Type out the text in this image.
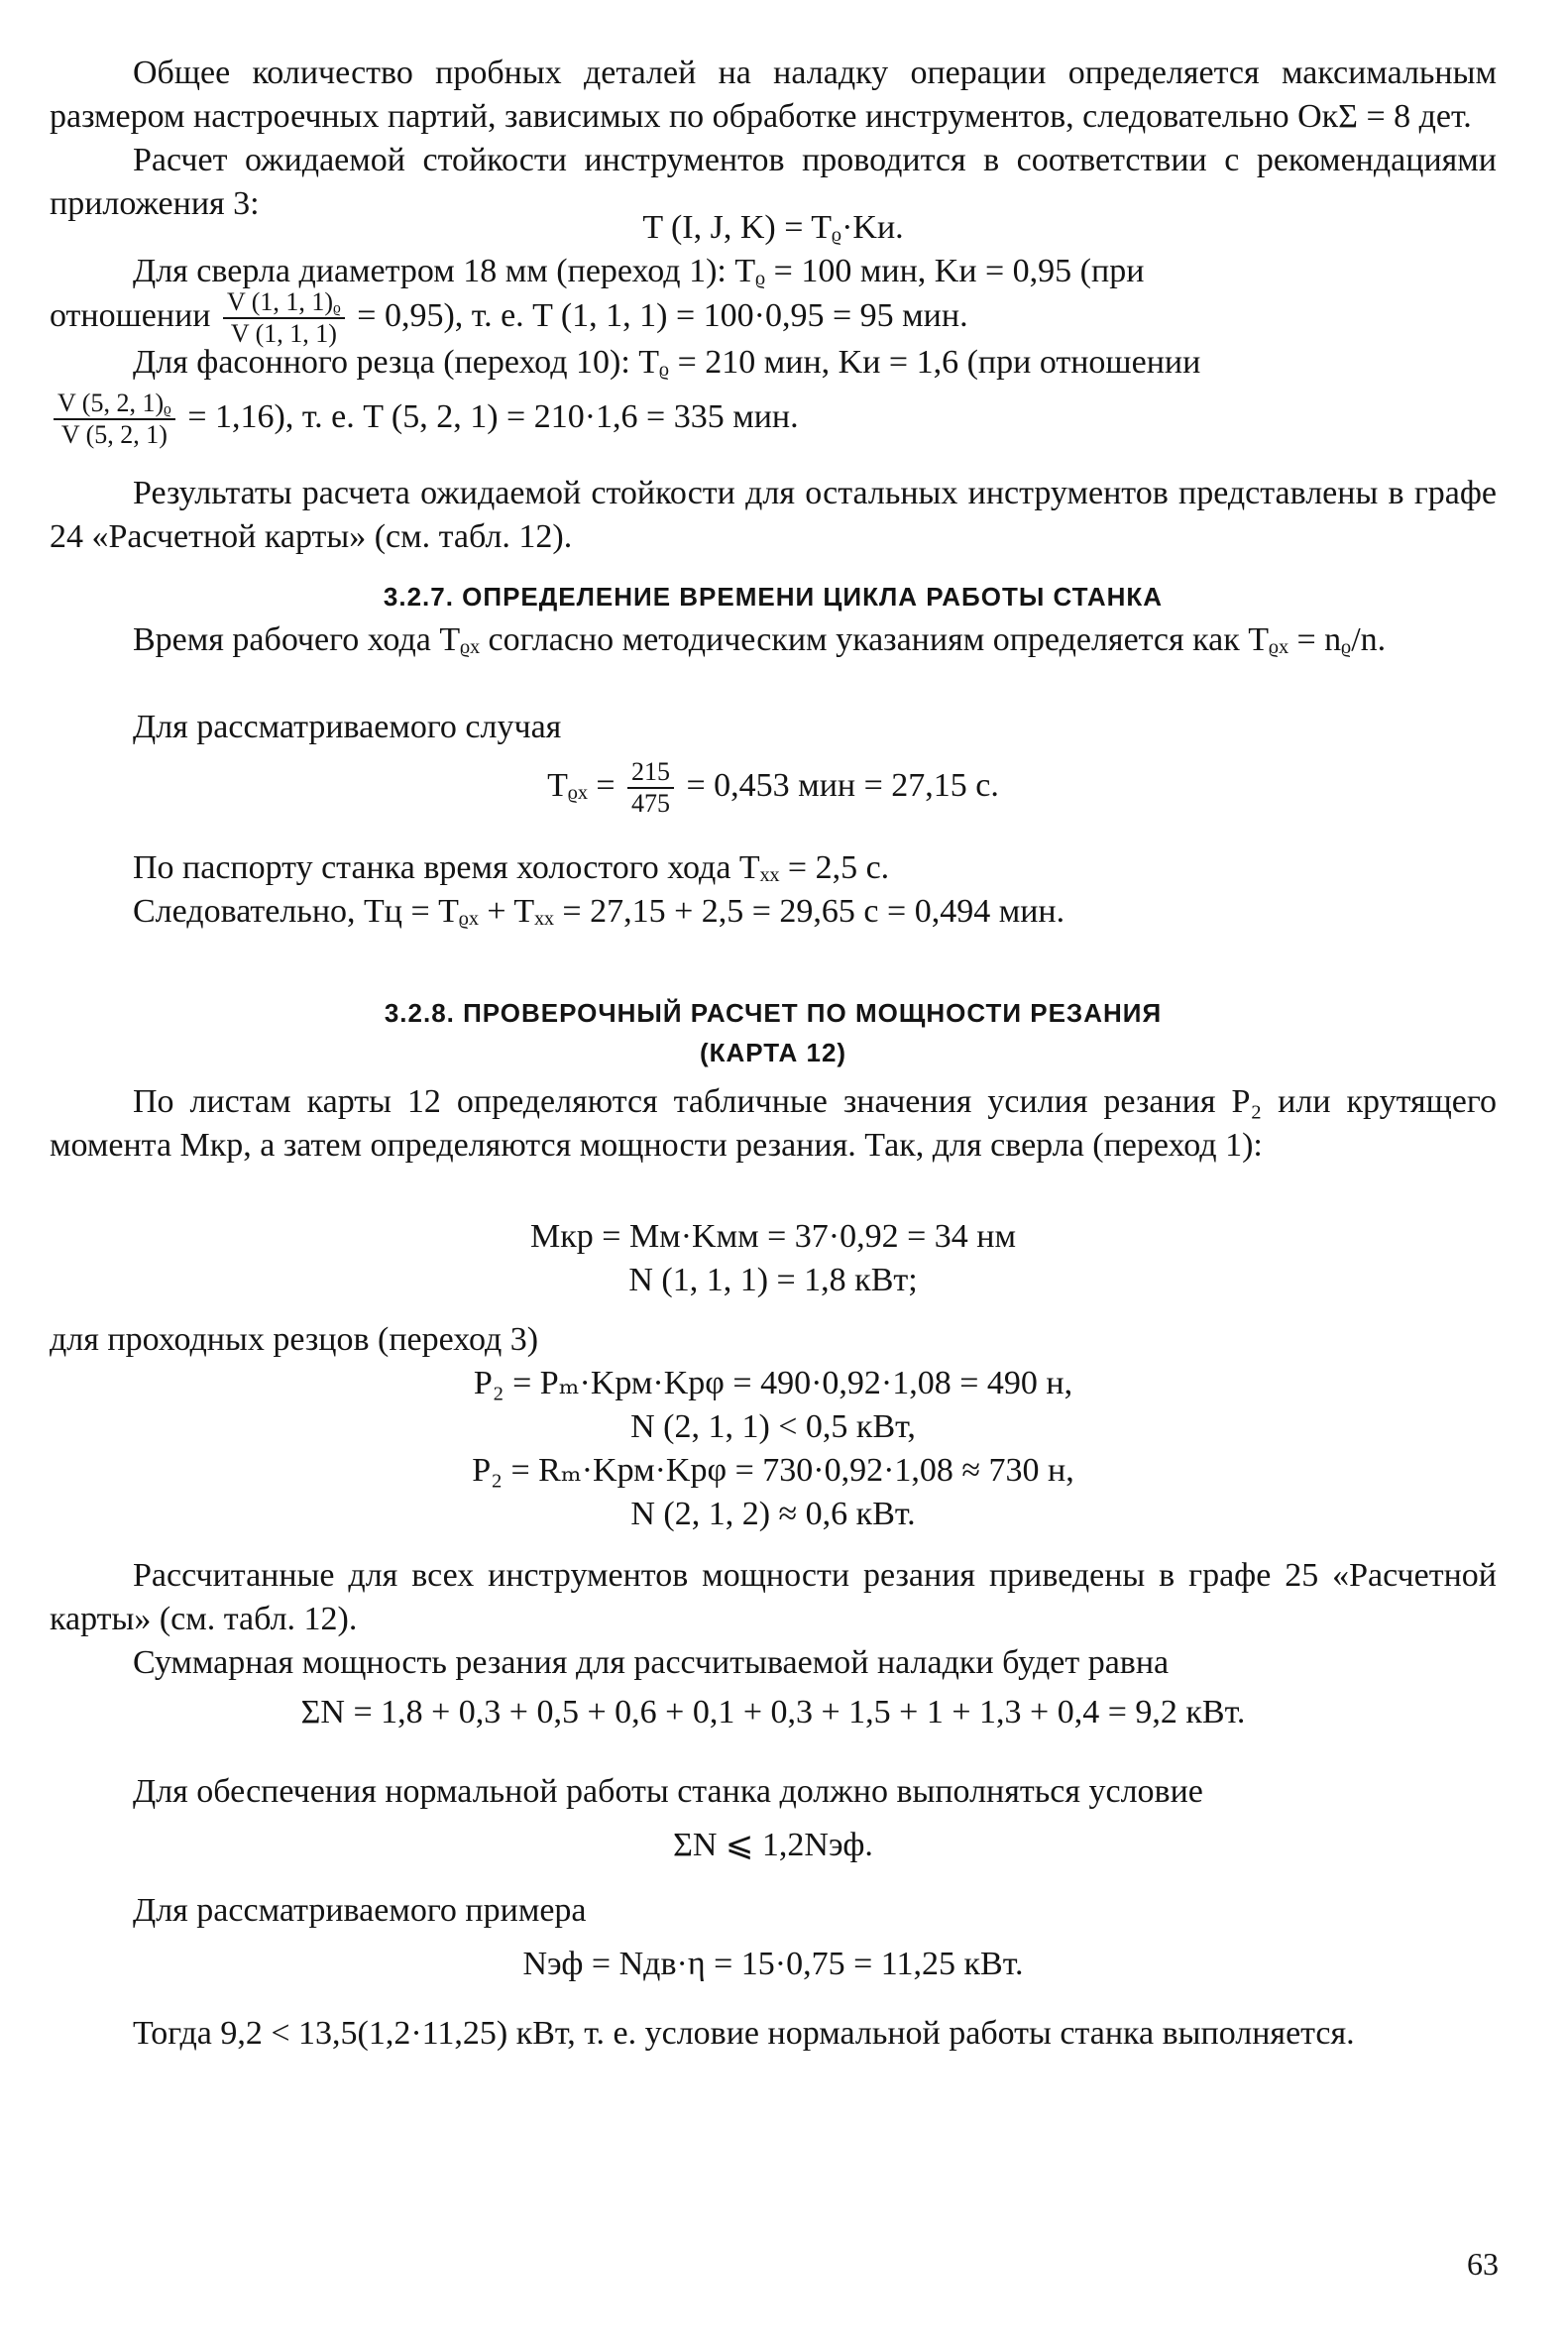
Общее количество пробных деталей на наладку операции определяется максимальным размером настроечных партий, зависимых по обработке инструментов, следовательно OкΣ = 8 дет.

Расчет ожидаемой стойкости инструментов проводится в соответствии с рекомендациями приложения 3:

T (I, J, K) = Tᵨ·Kи.

Для сверла диаметром 18 мм (переход 1): Tᵨ = 100 мин, Kи = 0,95 (при

отношении $\frac{\text{V (1, 1, 1)ᵨ}}{V (1, 1, 1)} = 0,95$), т. е. T (1, 1, 1) = 100·0,95 = 95 мин.

Для фасонного резца (переход 10): Tᵨ = 210 мин, Kи = 1,6 (при отношении

$\frac{\text{V (5, 2, 1)ᵨ}}{V (5, 2, 1)} = 1,16$), т. е. T (5, 2, 1) = 210·1,6 = 335 мин.

Результаты расчета ожидаемой стойкости для остальных инструментов представлены в графе 24 «Расчетной карты» (см. табл. 12).

3.2.7. ОПРЕДЕЛЕНИЕ ВРЕМЕНИ ЦИКЛА РАБОТЫ СТАНКА

Время рабочего хода Tᵨₓ согласно методическим указаниям определяется как Tᵨₓ = nᵨ/n.

Для рассматриваемого случая

Tᵨₓ = $\frac{215}{475} = 0,453$ мин = 27,15 с.

По паспорту станка время холостого хода Tₓₓ = 2,5 с.

Следовательно, Tц = Tᵨₓ + Tₓₓ = 27,15 + 2,5 = 29,65 с = 0,494 мин.

3.2.8. ПРОВЕРОЧНЫЙ РАСЧЕТ ПО МОЩНОСТИ РЕЗАНИЯ
(КАРТА 12)

По листам карты 12 определяются табличные значения усилия резания P₂ или крутящего момента Mкр, а затем определяются мощности резания. Так, для сверла (переход 1):

Mкр = Mм·Kмм = 37·0,92 = 34 нм
N (1, 1, 1) = 1,8 кВт;

для проходных резцов (переход 3)

P₂ = Pₘ·Kрм·Kрφ = 490·0,92·1,08 = 490 н,
N (2, 1, 1) < 0,5 кВт,
P₂ = Rₘ·Kрм·Kрφ = 730·0,92·1,08 ≈ 730 н,
N (2, 1, 2) ≈ 0,6 кВт.

Рассчитанные для всех инструментов мощности резания приведены в графе 25 «Расчетной карты» (см. табл. 12).

Суммарная мощность резания для рассчитываемой наладки будет равна

ΣN = 1,8 + 0,3 + 0,5 + 0,6 + 0,1 + 0,3 + 1,5 + 1 + 1,3 + 0,4 = 9,2 кВт.

Для обеспечения нормальной работы станка должно выполняться условие

ΣN ⩽ 1,2Nэф.

Для рассматриваемого примера

Nэф = Nдв·η = 15·0,75 = 11,25 кВт.

Тогда 9,2 < 13,5(1,2·11,25) кВт, т. е. условие нормальной работы станка выполняется.

63
